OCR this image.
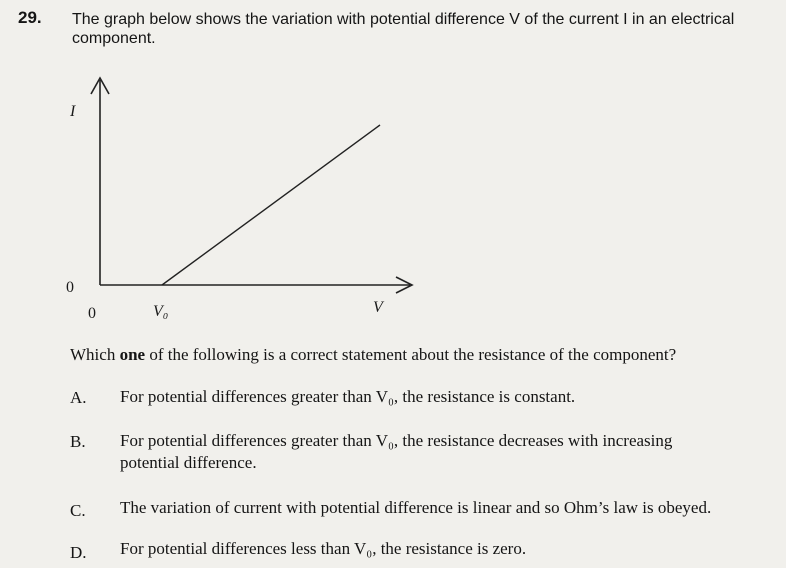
29. The graph below shows the variation with potential difference V of the current I in an electrical
component.
I
0
0	V₀	V
Which one of the following is a correct statement about the resistance of the component?
A. For potential differences greater than V₀, the resistance is constant.
B. For potential differences greater than V₀, the resistance decreases with increasing
potential difference.
C. The variation of current with potential difference is linear and so Ohm’s law is obeyed.
D. For potential differences less than V₀, the resistance is zero.
